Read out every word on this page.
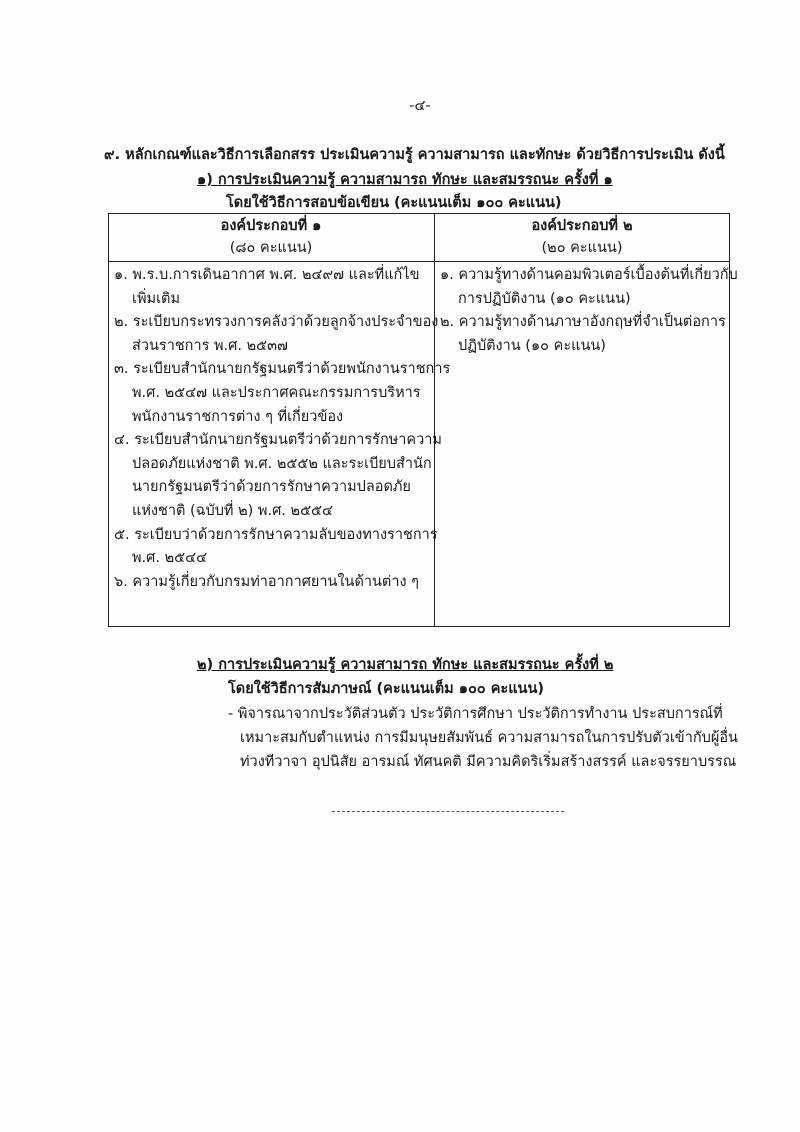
-๔-
๙. หลักเกณฑ์และวิธีการเลือกสรร ประเมินความรู้ ความสามารถ และทักษะ ด้วยวิธีการประเมิน ดังนี้
๑) การประเมินความรู้ ความสามารถ ทักษะ และสมรรถนะ ครั้งที่ ๑
โดยใช้วิธีการสอบข้อเขียน (คะแนนเต็ม ๑๐๐ คะแนน)
องค์ประกอบที่ ๑
(๘๐ คะแนน)
องค์ประกอบที่ ๒
(๒๐ คะแนน)
๑. พ.ร.บ.การเดินอากาศ พ.ศ. ๒๔๙๗ และที่แก้ไข
เพิ่มเติม
๒. ระเบียบกระทรวงการคลังว่าด้วยลูกจ้างประจำของ
ส่วนราชการ พ.ศ. ๒๕๓๗
๓. ระเบียบสำนักนายกรัฐมนตรีว่าด้วยพนักงานราชการ
พ.ศ. ๒๕๔๗ และประกาศคณะกรรมการบริหาร
พนักงานราชการต่าง ๆ ที่เกี่ยวข้อง
๔. ระเบียบสำนักนายกรัฐมนตรีว่าด้วยการรักษาความ
ปลอดภัยแห่งชาติ พ.ศ. ๒๕๕๒ และระเบียบสำนัก
นายกรัฐมนตรีว่าด้วยการรักษาความปลอดภัย
แห่งชาติ (ฉบับที่ ๒) พ.ศ. ๒๕๕๔
๕. ระเบียบว่าด้วยการรักษาความลับของทางราชการ
พ.ศ. ๒๕๔๔
๖. ความรู้เกี่ยวกับกรมท่าอากาศยานในด้านต่าง ๆ
๑. ความรู้ทางด้านคอมพิวเตอร์เบื้องต้นที่เกี่ยวกับ
การปฏิบัติงาน (๑๐ คะแนน)
๒. ความรู้ทางด้านภาษาอังกฤษที่จำเป็นต่อการ
ปฏิบัติงาน (๑๐ คะแนน)
๒) การประเมินความรู้ ความสามารถ ทักษะ และสมรรถนะ ครั้งที่ ๒
โดยใช้วิธีการสัมภาษณ์ (คะแนนเต็ม ๑๐๐ คะแนน)
- พิจารณาจากประวัติส่วนตัว ประวัติการศึกษา ประวัติการทำงาน ประสบการณ์ที่
เหมาะสมกับตำแหน่ง การมีมนุษยสัมพันธ์ ความสามารถในการปรับตัวเข้ากับผู้อื่น
ท่วงทีวาจา อุปนิสัย อารมณ์ ทัศนคติ มีความคิดริเริ่มสร้างสรรค์ และจรรยาบรรณ
